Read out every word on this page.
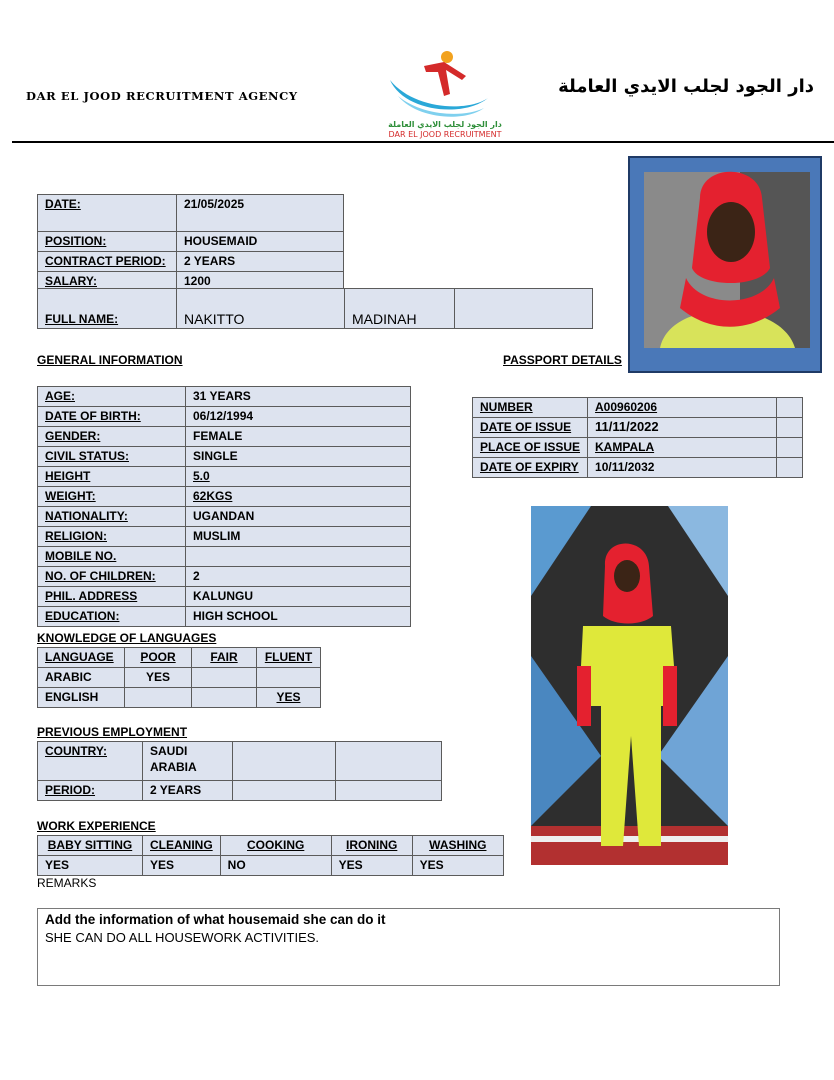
DAR EL JOOD RECRUITMENT AGENCY
دار الجود لجلب الايدي العاملة
DAR EL JOOD RECRUITMENT
دار الجود لجلب الايدي العاملة
DATE:	21/05/2025
POSITION:	HOUSEMAID
CONTRACT PERIOD:	2 YEARS
SALARY:	1200
FULL NAME:	NAKITTO	MADINAH	
GENERAL INFORMATION	PASSPORT DETAILS
AGE:	31 YEARS
DATE OF BIRTH:	06/12/1994
GENDER:	FEMALE
CIVIL STATUS:	SINGLE
HEIGHT	5.0
WEIGHT:	62KGS
NATIONALITY:	UGANDAN
RELIGION:	MUSLIM
MOBILE NO.	
NO. OF CHILDREN:	2
PHIL. ADDRESS	KALUNGU
EDUCATION:	HIGH SCHOOL
NUMBER	A00960206	
DATE OF ISSUE	11/11/2022	
PLACE OF ISSUE	KAMPALA	
DATE OF EXPIRY	10/11/2032	
KNOWLEDGE OF LANGUAGES
LANGUAGE	POOR	FAIR	FLUENT
ARABIC	YES		
ENGLISH			YES
PREVIOUS EMPLOYMENT
COUNTRY:	SAUDI ARABIA		
PERIOD:	2 YEARS		
WORK EXPERIENCE
BABY SITTING	CLEANING	COOKING	IRONING	WASHING
YES	YES	NO	YES	YES
REMARKS
Add the information of what housemaid she can do it
SHE CAN DO ALL HOUSEWORK ACTIVITIES.
